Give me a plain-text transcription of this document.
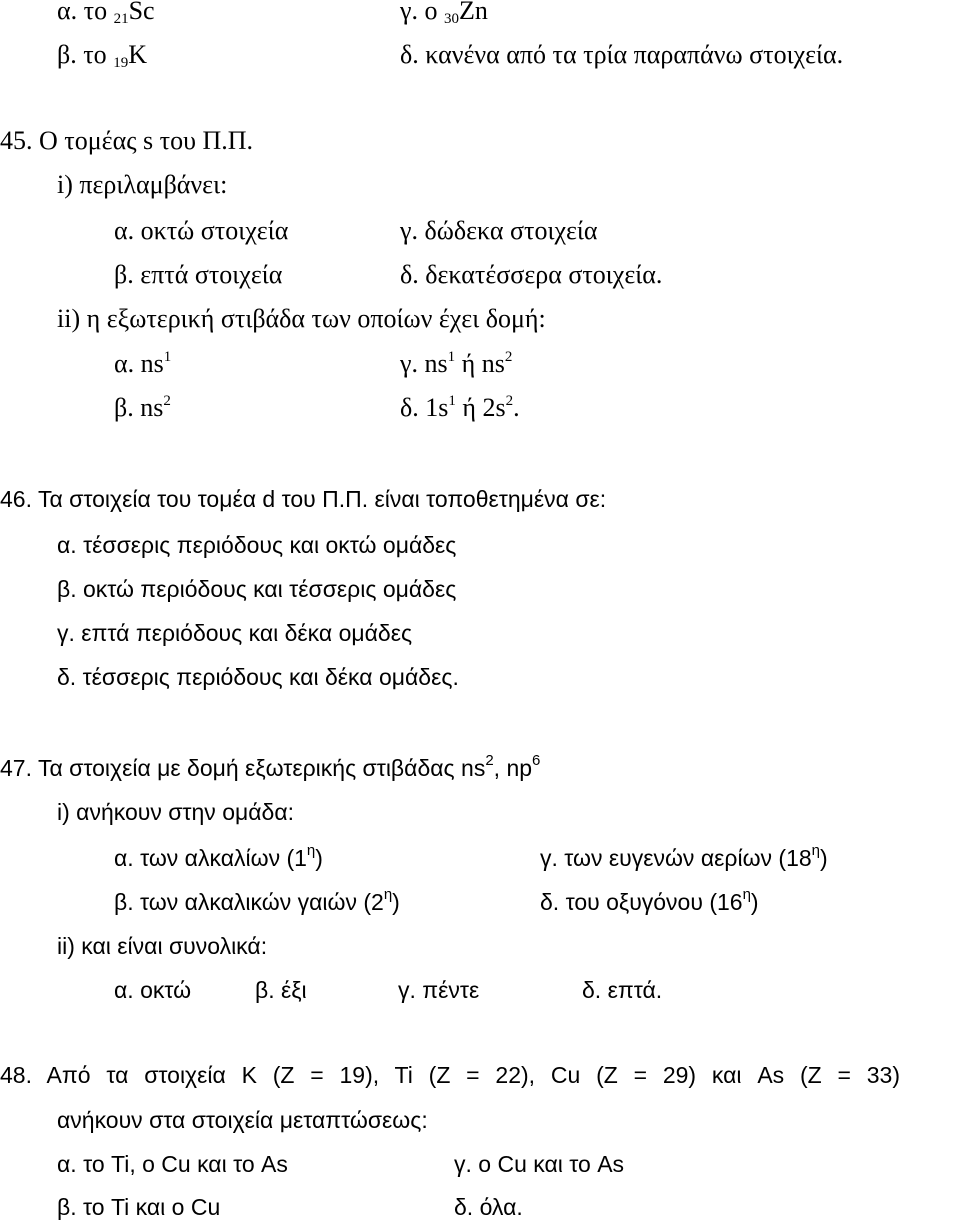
α. το $_{21}$Sc	γ. ο $_{30}$Zn
β. το $_{19}$K	δ. κανένα από τα τρία παραπάνω στοιχεία.
45. Ο τομέας s του Π.Π.
i) περιλαμβάνει:
α. οκτώ στοιχεία	γ. δώδεκα στοιχεία
β. επτά στοιχεία	δ. δεκατέσσερα στοιχεία.
ii) η εξωτερική στιβάδα των οποίων έχει δομή:
α. $ns^1$	γ. $ns^1$ ή $ns^2$
β. $ns^2$	δ. $1s^1$ ή $2s^2$.
46. Τα στοιχεία του τομέα d του Π.Π. είναι τοποθετημένα σε:
α. τέσσερις περιόδους και οκτώ ομάδες
β. οκτώ περιόδους και τέσσερις ομάδες
γ. επτά περιόδους και δέκα ομάδες
δ. τέσσερις περιόδους και δέκα ομάδες.
47. Τα στοιχεία με δομή εξωτερικής στιβάδας $ns^2$, $np^6$
i) ανήκουν στην ομάδα:
α. των αλκαλίων $(1^\eta)$	γ. των ευγενών αερίων $(18^\eta)$
β. των αλκαλικών γαιών $(2^\eta)$	δ. του οξυγόνου $(16^\eta)$
ii) και είναι συνολικά:
α. οκτώ	β. έξι	γ. πέντε	δ. επτά.
48. Από τα στοιχεία K (Z = 19), Ti (Z = 22), Cu (Z = 29) και As (Z = 33)
ανήκουν στα στοιχεία μεταπτώσεως:
α. το Ti, ο Cu και το As	γ. ο Cu και το As
β. το Ti και ο Cu	δ. όλα.
